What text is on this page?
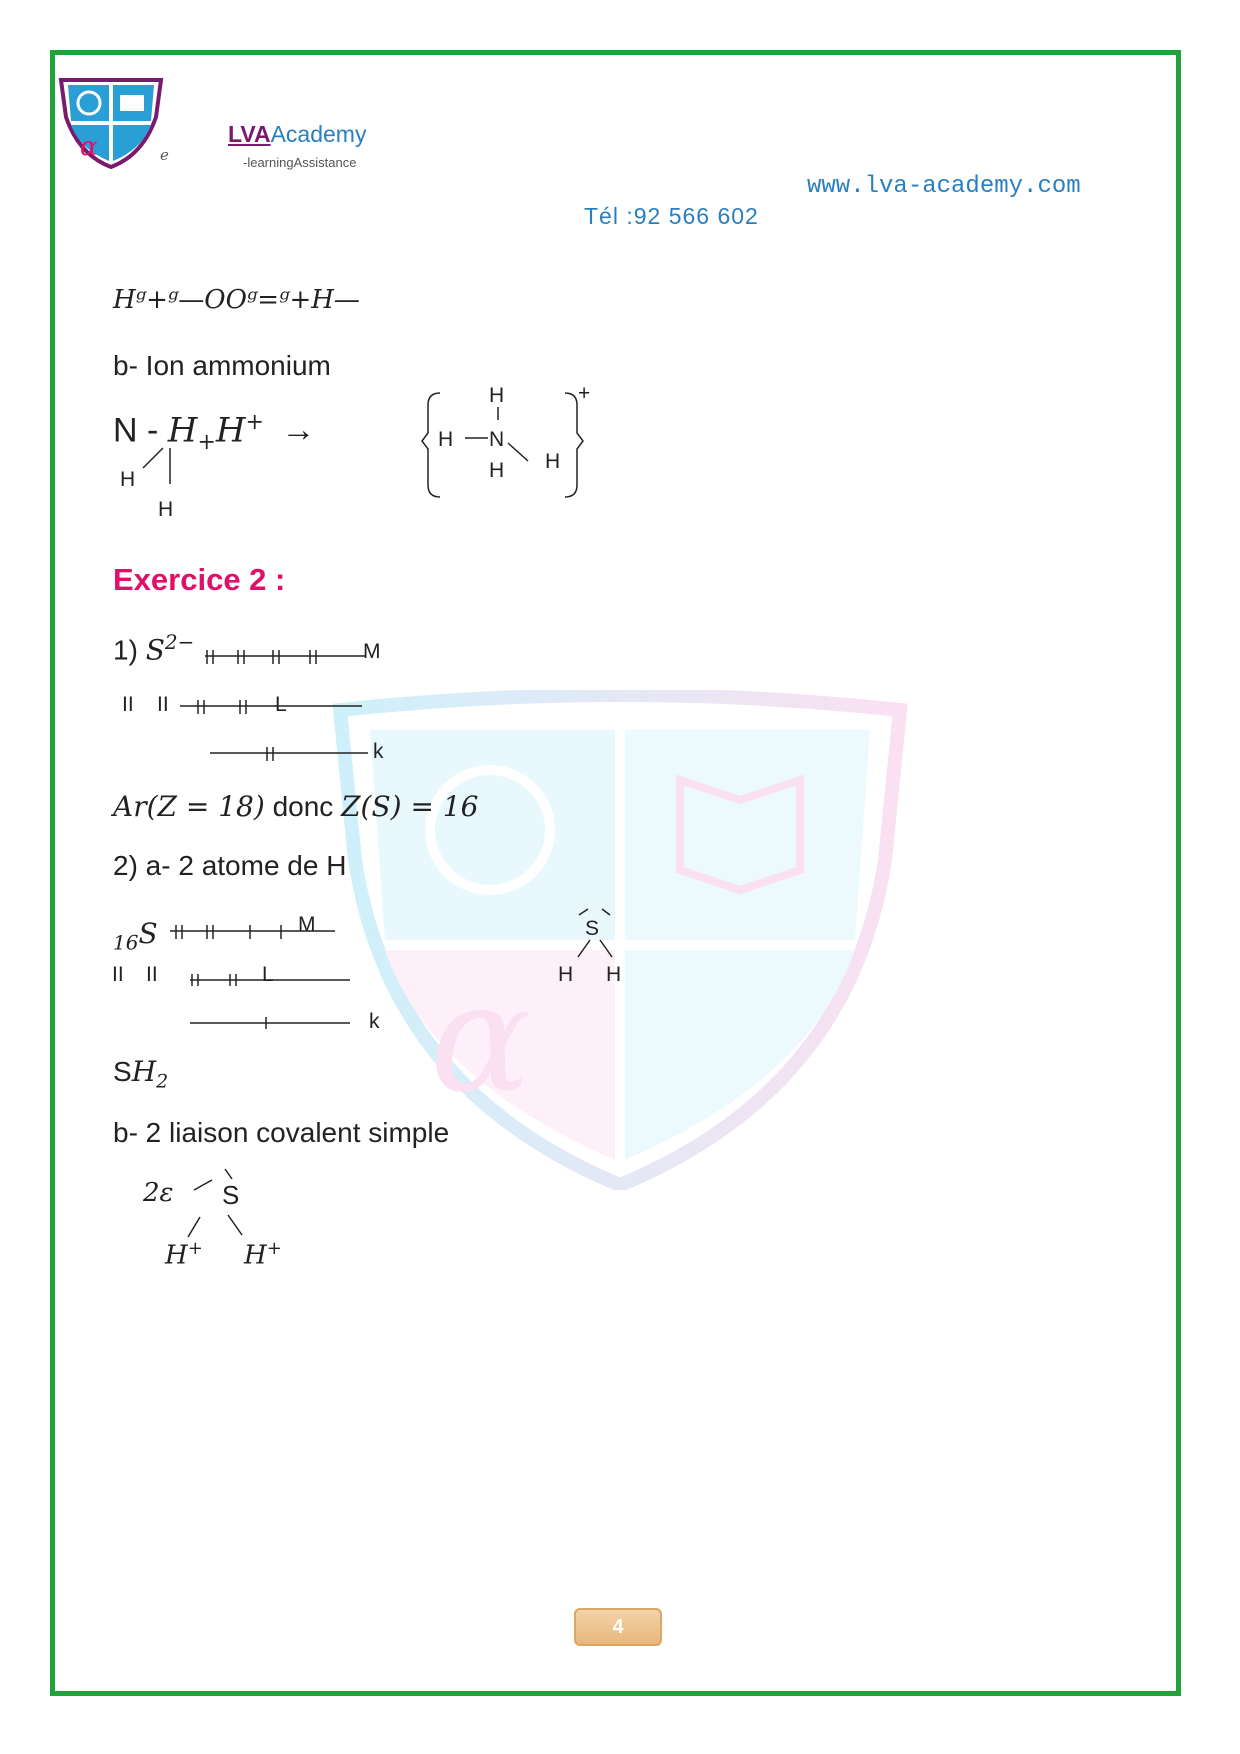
α
α	e
LVAAcademy
-learningAssistance
www.lva-academy.com
Tél :92 566 602
Hᵍ+ᵍ—OOᵍ=ᵍ+H—
b- Ion ammonium
N - $H_+H^+$ →
H
H
H
H N
H H
+
Exercice 2 :
1) $S^{2-}$	M
II II	L
k
Ar(Z = 18) donc Z(S) = 16
2) a- 2 atome de H
$_{16}$S	M
II II	L
k
S
H H
$SH_2$
b- 2 liaison covalent simple
2ε S
H+ H+
4
